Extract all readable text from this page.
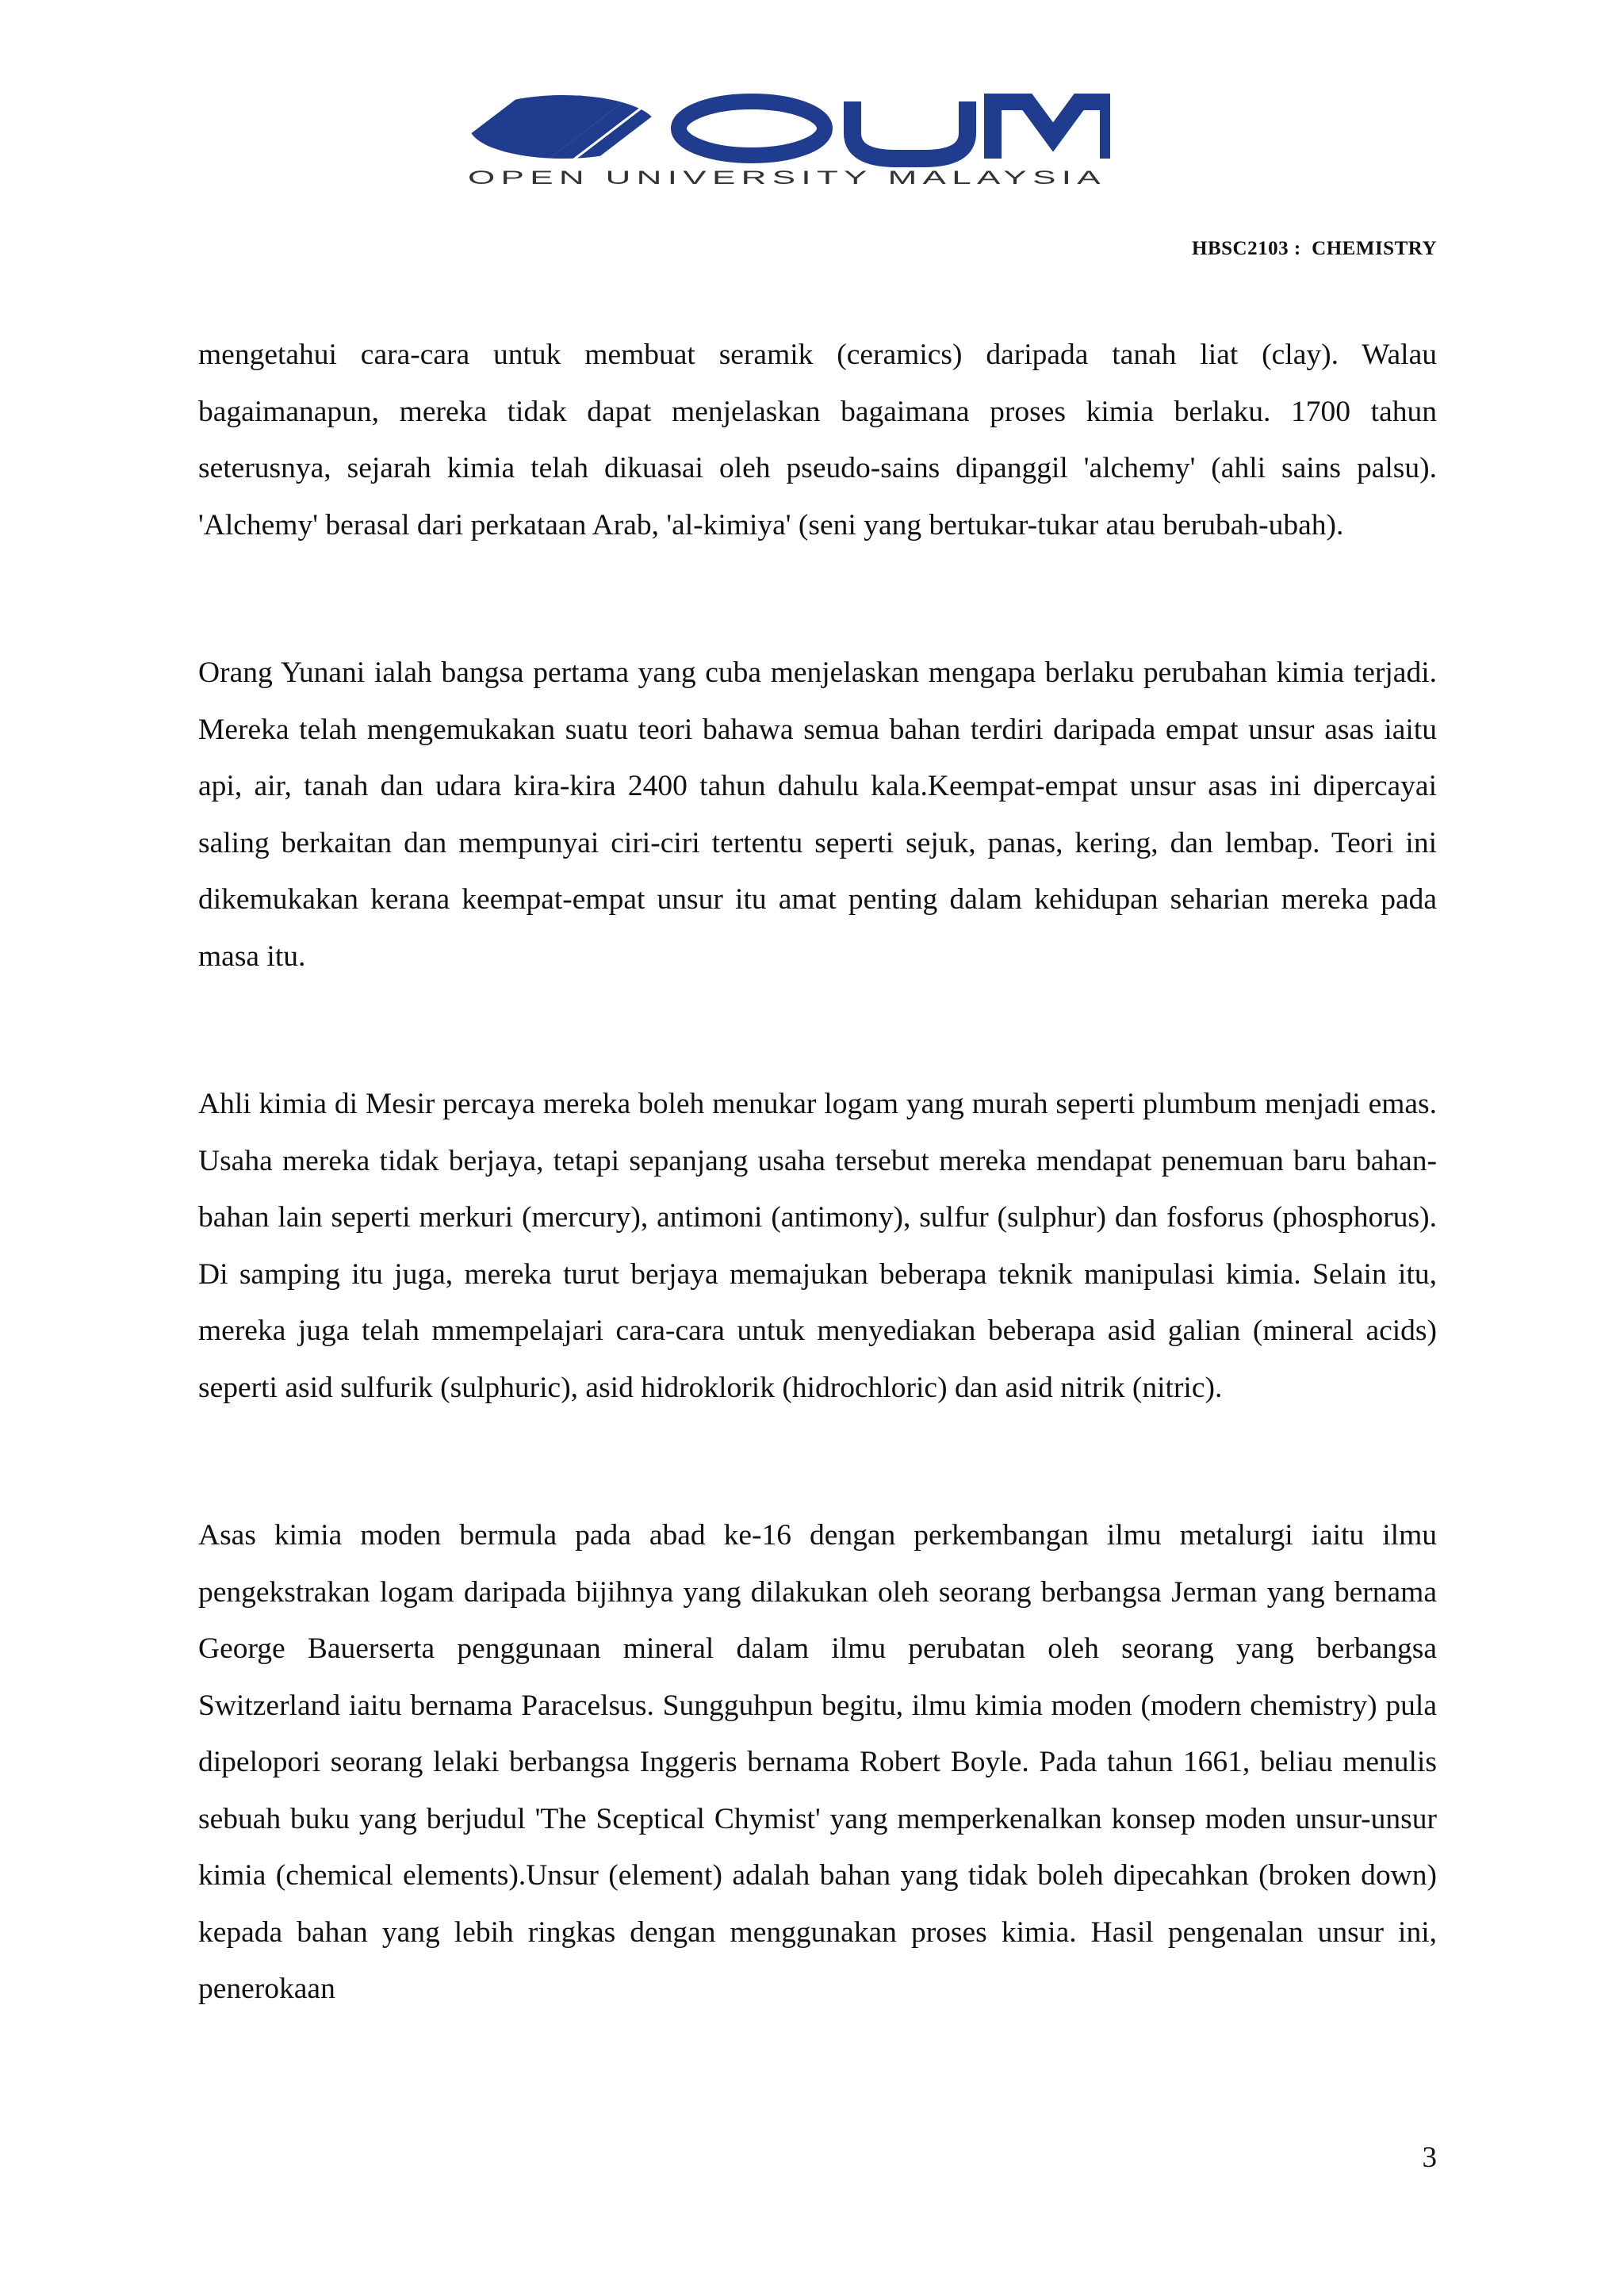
OPEN UNIVERSITY MALAYSIA
HBSC2103 :  CHEMISTRY

mengetahui cara-cara untuk membuat seramik (ceramics) daripada tanah liat (clay). Walau bagaimanapun, mereka tidak dapat menjelaskan bagaimana proses kimia berlaku. 1700 tahun seterusnya, sejarah kimia telah dikuasai oleh pseudo-sains dipanggil 'alchemy' (ahli sains palsu). 'Alchemy' berasal dari perkataan Arab, 'al-kimiya' (seni yang bertukar-tukar atau berubah-ubah).

Orang Yunani ialah bangsa pertama yang cuba menjelaskan mengapa berlaku perubahan kimia terjadi. Mereka telah mengemukakan suatu teori bahawa semua bahan terdiri daripada empat unsur asas iaitu api, air, tanah dan udara kira-kira 2400 tahun dahulu kala.Keempat-empat unsur asas ini dipercayai saling berkaitan dan mempunyai ciri-ciri tertentu seperti sejuk, panas, kering, dan lembap. Teori ini dikemukakan kerana keempat-empat unsur itu amat penting dalam kehidupan seharian mereka pada masa itu.

Ahli kimia di Mesir percaya mereka boleh menukar logam yang murah seperti plumbum menjadi emas. Usaha mereka tidak berjaya, tetapi sepanjang usaha tersebut mereka mendapat penemuan baru bahan-bahan lain seperti merkuri (mercury), antimoni (antimony), sulfur (sulphur) dan fosforus (phosphorus). Di samping itu juga, mereka turut berjaya memajukan beberapa teknik manipulasi kimia. Selain itu, mereka juga telah mmempelajari cara-cara untuk menyediakan beberapa asid galian (mineral acids) seperti asid sulfurik (sulphuric), asid hidroklorik (hidrochloric) dan asid nitrik (nitric).

Asas kimia moden bermula pada abad ke-16 dengan perkembangan ilmu metalurgi iaitu ilmu pengekstrakan logam daripada bijihnya yang dilakukan oleh seorang berbangsa Jerman yang bernama George Bauerserta penggunaan mineral dalam ilmu perubatan oleh seorang yang berbangsa Switzerland iaitu bernama Paracelsus. Sungguhpun begitu, ilmu kimia moden (modern chemistry) pula dipelopori seorang lelaki berbangsa Inggeris bernama Robert Boyle. Pada tahun 1661, beliau menulis sebuah buku yang berjudul 'The Sceptical Chymist' yang memperkenalkan konsep moden unsur-unsur kimia (chemical elements).Unsur (element) adalah bahan yang tidak boleh dipecahkan (broken down) kepada bahan yang lebih ringkas dengan menggunakan proses kimia. Hasil pengenalan unsur ini, penerokaan

3
